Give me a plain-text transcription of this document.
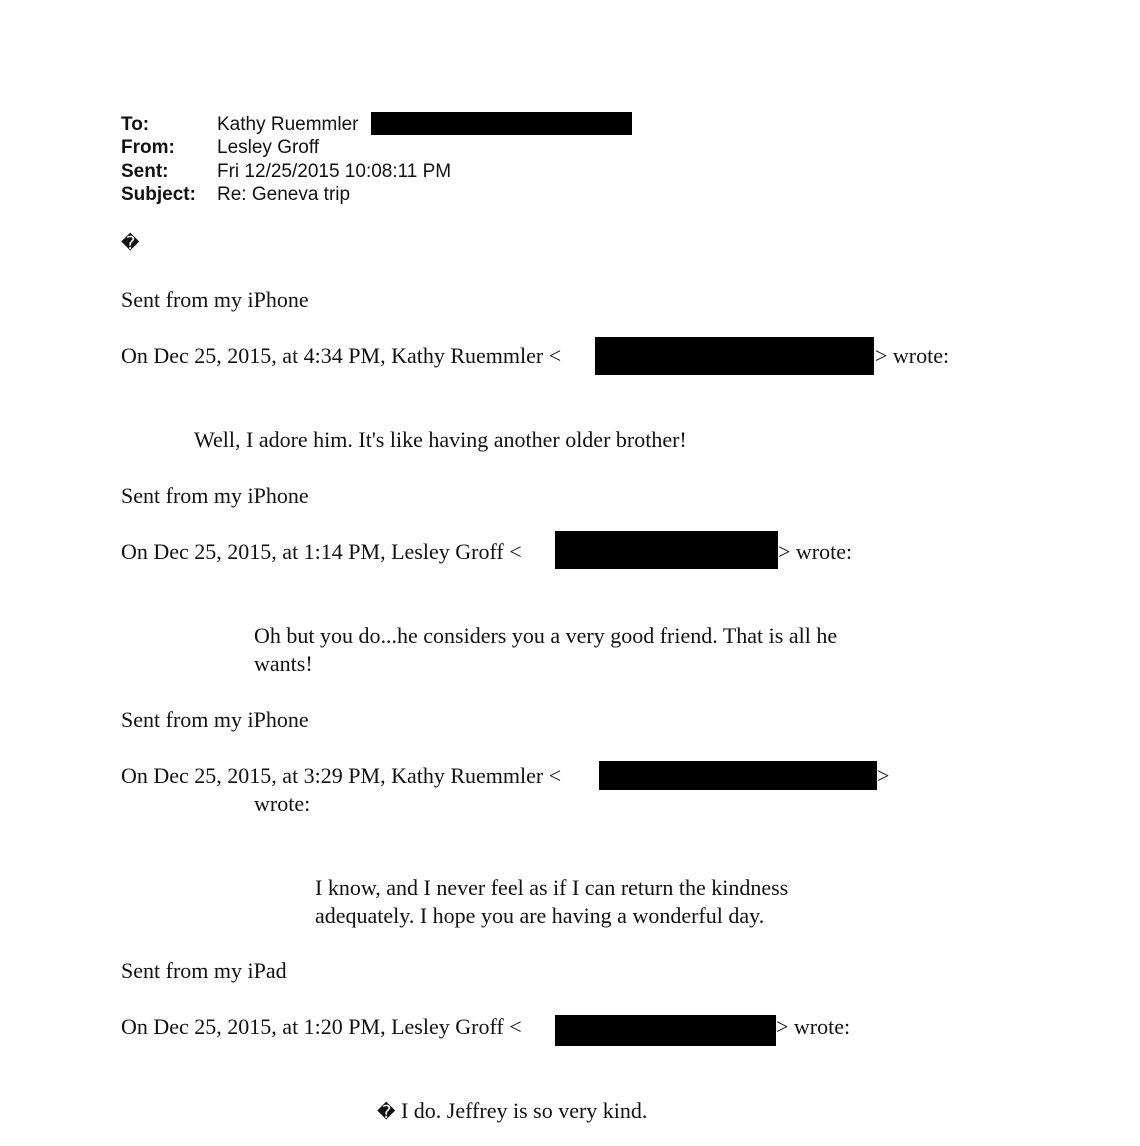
To:	Kathy Ruemmler
From: Lesley Groff
Sent:	Fri 12/25/2015 10:08:11 PM
Subject: Re: Geneva trip
�
Sent from my iPhone
On Dec 25, 2015, at 4:34 PM, Kathy Ruemmler <	> wrote:
Well, I adore him. It's like having another older brother!
Sent from my iPhone
On Dec 25, 2015, at 1:14 PM, Lesley Groff <	> wrote:
Oh but you do...he considers you a very good friend. That is all he
wants!
Sent from my iPhone
On Dec 25, 2015, at 3:29 PM, Kathy Ruemmler <	>
wrote:
I know, and I never feel as if I can return the kindness
adequately. I hope you are having a wonderful day.
Sent from my iPad
On Dec 25, 2015, at 1:20 PM, Lesley Groff <	> wrote:
� I do. Jeffrey is so very kind.
